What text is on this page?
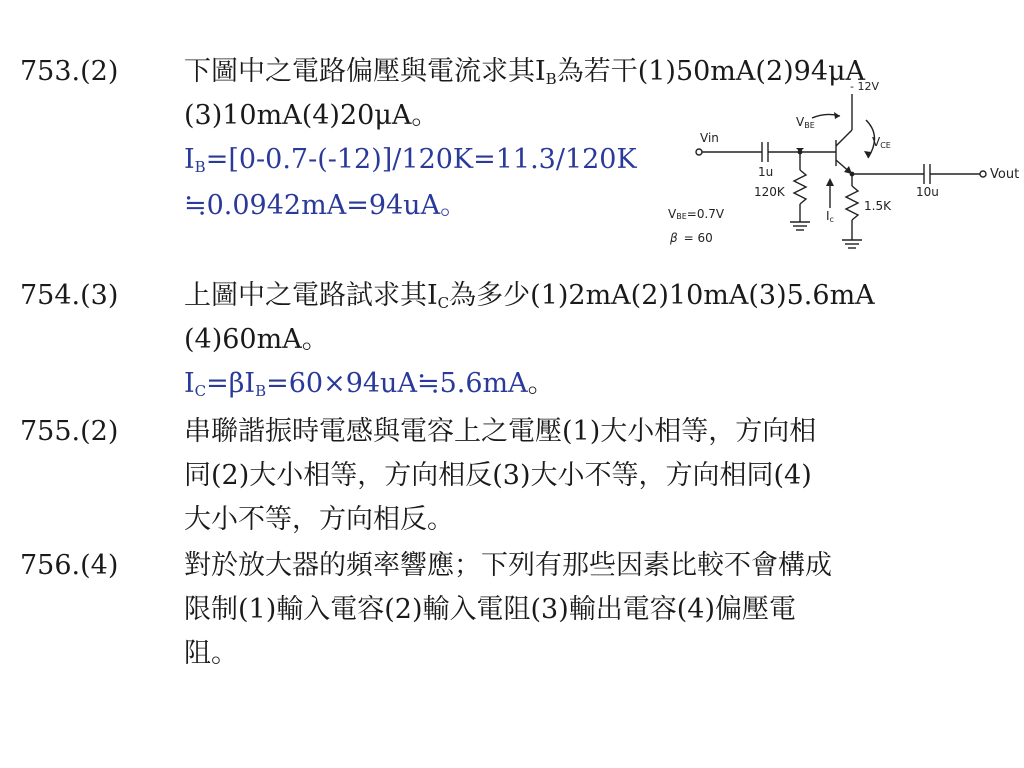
753.(2)	下圖中之電路偏壓與電流求其$I_B$為若干(1)50mA(2)94μA
(3)10mA(4)20μA。
$I_B=[0-0.7-(-12)]/120K=11.3/120K$
≒0.0942mA=94uA。
- 12V
Vin
Vout
1u
120K
1.5K
10u
VBE
VCE
Ic
VBE=0.7V
β = 60
754.(3)	上圖中之電路試求其$I_C$為多少(1)2mA(2)10mA(3)5.6mA
(4)60mA。
$I_C=\beta I_B=60\times 94uA≒5.6mA$。
755.(2)	串聯諧振時電感與電容上之電壓(1)大小相等，方向相
同(2)大小相等，方向相反(3)大小不等，方向相同(4)
大小不等，方向相反。
756.(4)	對於放大器的頻率響應；下列有那些因素比較不會構成
限制(1)輸入電容(2)輸入電阻(3)輸出電容(4)偏壓電
阻。
